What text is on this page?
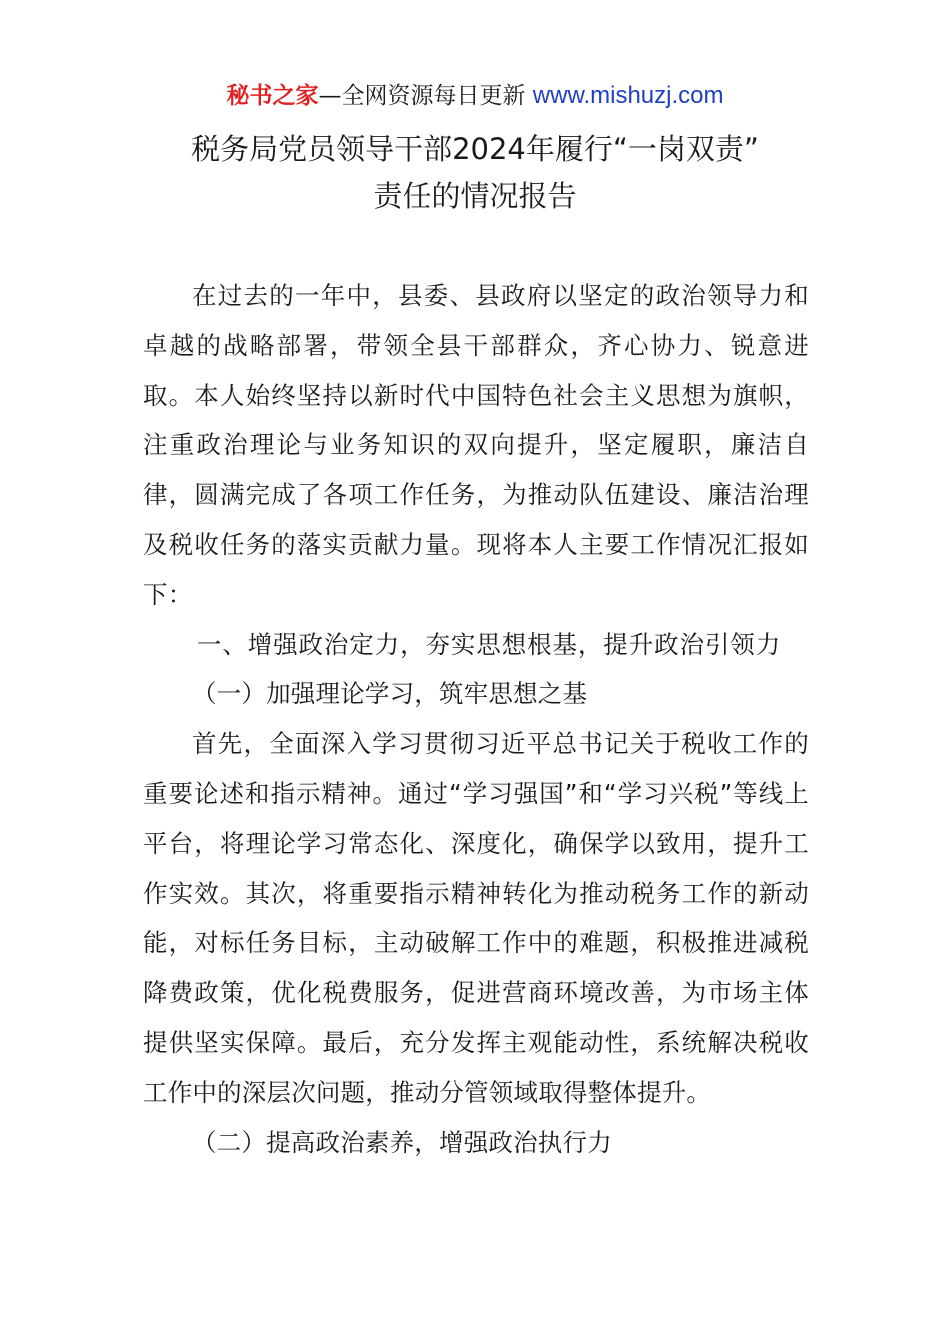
秘书之家—全网资源每日更新 www.mishuzj.com
税务局党员领导干部2024年履行“一岗双责”
责任的情况报告

在过去的一年中，县委、县政府以坚定的政治领导力和卓越的战略部署，带领全县干部群众，齐心协力、锐意进取。本人始终坚持以新时代中国特色社会主义思想为旗帜，注重政治理论与业务知识的双向提升，坚定履职，廉洁自律，圆满完成了各项工作任务，为推动队伍建设、廉洁治理及税收任务的落实贡献力量。现将本人主要工作情况汇报如下：

一、增强政治定力，夯实思想根基，提升政治引领力

（一）加强理论学习，筑牢思想之基

首先，全面深入学习贯彻习近平总书记关于税收工作的重要论述和指示精神。通过“学习强国”和“学习兴税”等线上平台，将理论学习常态化、深度化，确保学以致用，提升工作实效。其次，将重要指示精神转化为推动税务工作的新动能，对标任务目标，主动破解工作中的难题，积极推进减税降费政策，优化税费服务，促进营商环境改善，为市场主体提供坚实保障。最后，充分发挥主观能动性，系统解决税收工作中的深层次问题，推动分管领域取得整体提升。

（二）提高政治素养，增强政治执行力
